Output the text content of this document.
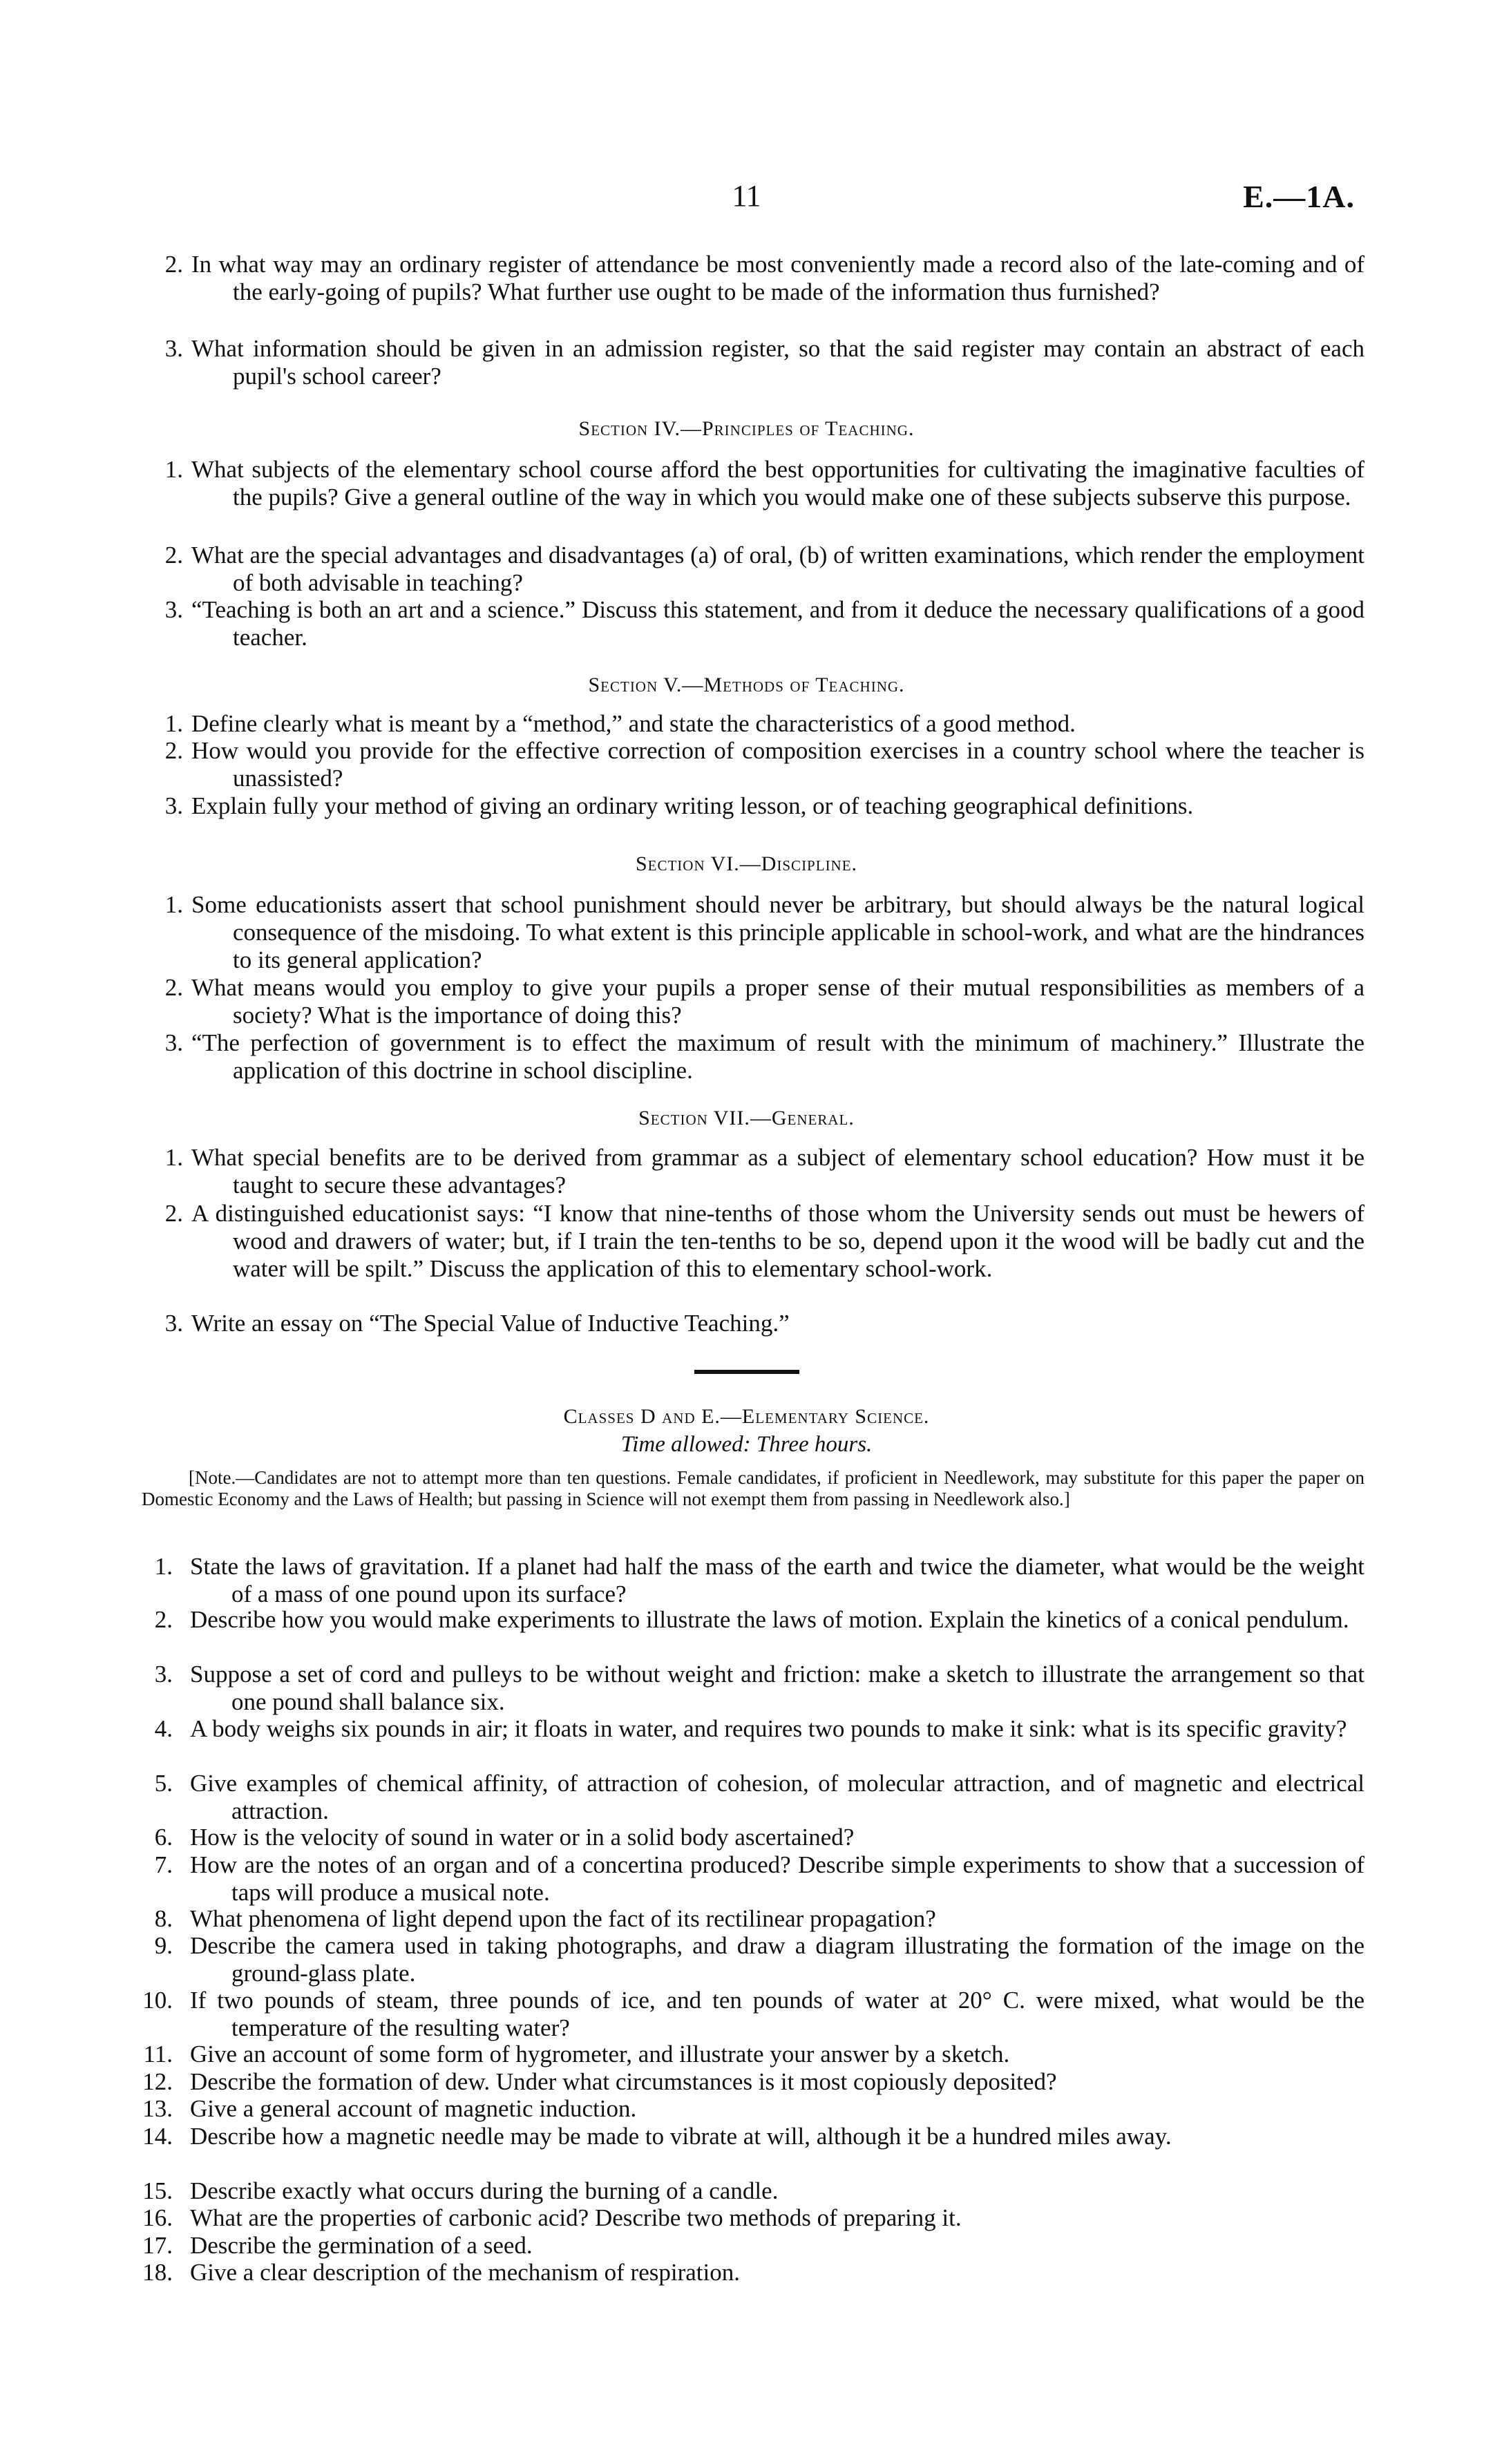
11	E.—1A.
2. In what way may an ordinary register of attendance be most conveniently made a record also of the late-coming and of the early-going of pupils? What further use ought to be made of the information thus furnished?
3. What information should be given in an admission register, so that the said register may contain an abstract of each pupil's school career?
Section IV.—Principles of Teaching.
1. What subjects of the elementary school course afford the best opportunities for cultivating the imaginative faculties of the pupils? Give a general outline of the way in which you would make one of these subjects subserve this purpose.
2. What are the special advantages and disadvantages (a) of oral, (b) of written examinations, which render the employment of both advisable in teaching?
3. “Teaching is both an art and a science.” Discuss this statement, and from it deduce the necessary qualifications of a good teacher.
Section V.—Methods of Teaching.
1. Define clearly what is meant by a “method,” and state the characteristics of a good method.
2. How would you provide for the effective correction of composition exercises in a country school where the teacher is unassisted?
3. Explain fully your method of giving an ordinary writing lesson, or of teaching geographical definitions.
Section VI.—Discipline.
1. Some educationists assert that school punishment should never be arbitrary, but should always be the natural logical consequence of the misdoing. To what extent is this principle applicable in school-work, and what are the hindrances to its general application?
2. What means would you employ to give your pupils a proper sense of their mutual responsibilities as members of a society? What is the importance of doing this?
3. “The perfection of government is to effect the maximum of result with the minimum of machinery.” Illustrate the application of this doctrine in school discipline.
Section VII.—General.
1. What special benefits are to be derived from grammar as a subject of elementary school education? How must it be taught to secure these advantages?
2. A distinguished educationist says: “I know that nine-tenths of those whom the University sends out must be hewers of wood and drawers of water; but, if I train the ten-tenths to be so, depend upon it the wood will be badly cut and the water will be spilt.” Discuss the application of this to elementary school-work.
3. Write an essay on “The Special Value of Inductive Teaching.”
Classes D and E.—Elementary Science.
Time allowed: Three hours.
[Note.—Candidates are not to attempt more than ten questions. Female candidates, if proficient in Needlework, may substitute for this paper the paper on Domestic Economy and the Laws of Health; but passing in Science will not exempt them from passing in Needlework also.]
1. State the laws of gravitation. If a planet had half the mass of the earth and twice the diameter, what would be the weight of a mass of one pound upon its surface?
2. Describe how you would make experiments to illustrate the laws of motion. Explain the kinetics of a conical pendulum.
3. Suppose a set of cord and pulleys to be without weight and friction: make a sketch to illustrate the arrangement so that one pound shall balance six.
4. A body weighs six pounds in air; it floats in water, and requires two pounds to make it sink: what is its specific gravity?
5. Give examples of chemical affinity, of attraction of cohesion, of molecular attraction, and of magnetic and electrical attraction.
6. How is the velocity of sound in water or in a solid body ascertained?
7. How are the notes of an organ and of a concertina produced? Describe simple experiments to show that a succession of taps will produce a musical note.
8. What phenomena of light depend upon the fact of its rectilinear propagation?
9. Describe the camera used in taking photographs, and draw a diagram illustrating the formation of the image on the ground-glass plate.
10. If two pounds of steam, three pounds of ice, and ten pounds of water at 20° C. were mixed, what would be the temperature of the resulting water?
11. Give an account of some form of hygrometer, and illustrate your answer by a sketch.
12. Describe the formation of dew. Under what circumstances is it most copiously deposited?
13. Give a general account of magnetic induction.
14. Describe how a magnetic needle may be made to vibrate at will, although it be a hundred miles away.
15. Describe exactly what occurs during the burning of a candle.
16. What are the properties of carbonic acid? Describe two methods of preparing it.
17. Describe the germination of a seed.
18. Give a clear description of the mechanism of respiration.
